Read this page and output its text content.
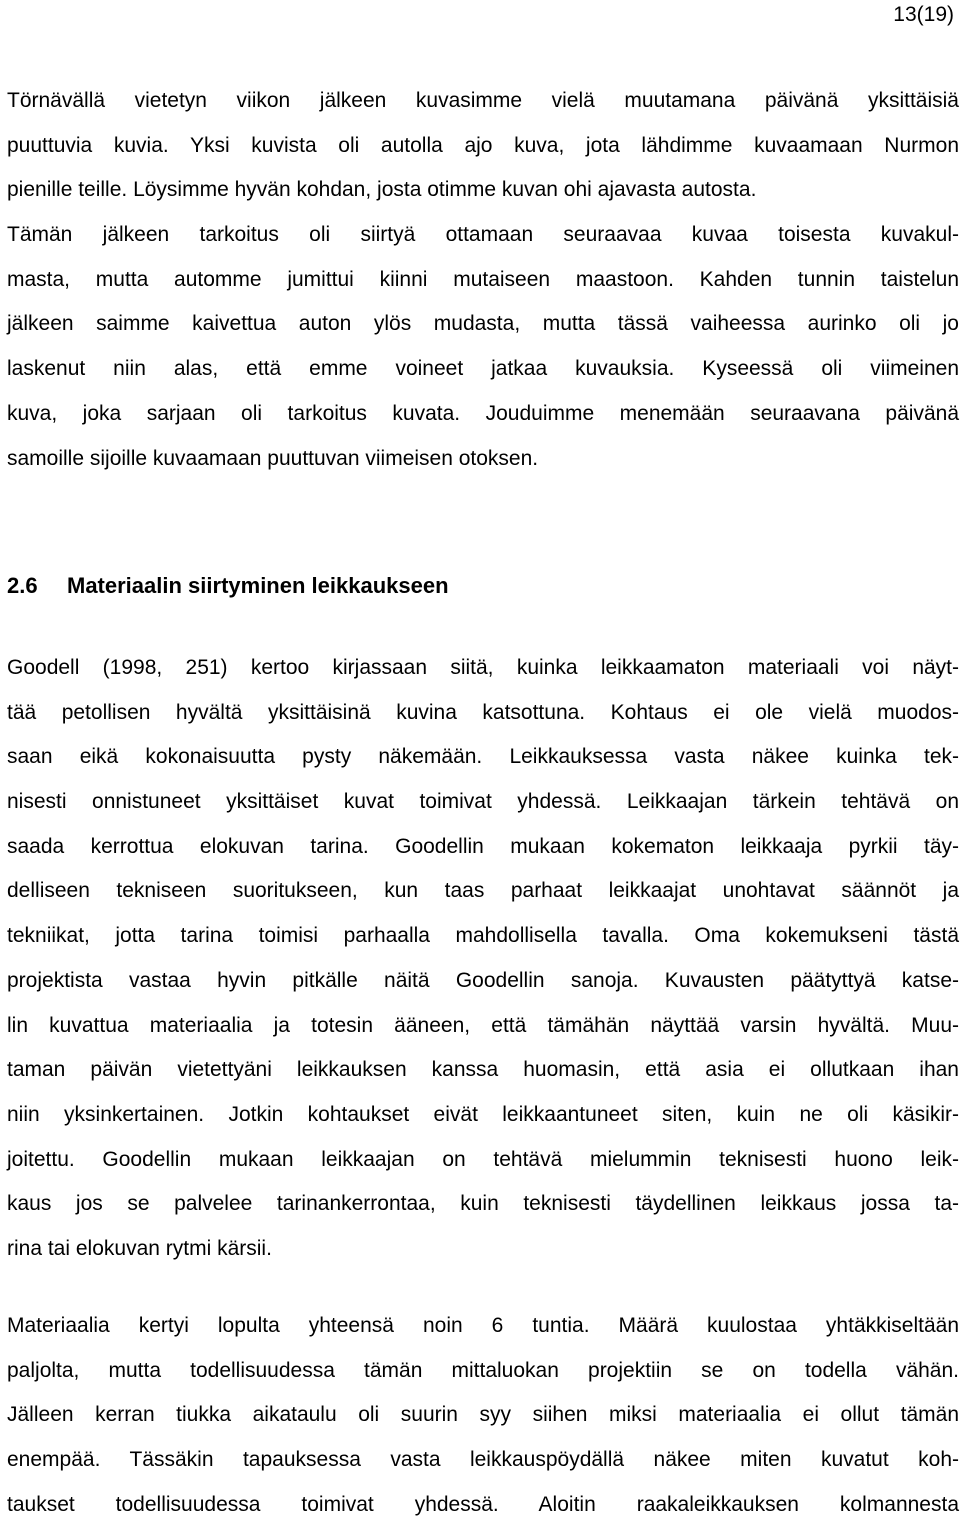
13(19)
Törnävällä vietetyn viikon jälkeen kuvasimme vielä muutamana päivänä yksittäisiä
puuttuvia kuvia. Yksi kuvista oli autolla ajo kuva, jota lähdimme kuvaamaan Nurmon
pienille teille. Löysimme hyvän kohdan, josta otimme kuvan ohi ajavasta autosta.
Tämän jälkeen tarkoitus oli siirtyä ottamaan seuraavaa kuvaa toisesta kuvakul-
masta, mutta automme jumittui kiinni mutaiseen maastoon. Kahden tunnin taistelun
jälkeen saimme kaivettua auton ylös mudasta, mutta tässä vaiheessa aurinko oli jo
laskenut niin alas, että emme voineet jatkaa kuvauksia. Kyseessä oli viimeinen
kuva, joka sarjaan oli tarkoitus kuvata. Jouduimme menemään seuraavana päivänä
samoille sijoille kuvaamaan puuttuvan viimeisen otoksen.
2.6 Materiaalin siirtyminen leikkaukseen
Goodell (1998, 251) kertoo kirjassaan siitä, kuinka leikkaamaton materiaali voi näyt-
tää petollisen hyvältä yksittäisinä kuvina katsottuna. Kohtaus ei ole vielä muodos-
saan eikä kokonaisuutta pysty näkemään. Leikkauksessa vasta näkee kuinka tek-
nisesti onnistuneet yksittäiset kuvat toimivat yhdessä. Leikkaajan tärkein tehtävä on
saada kerrottua elokuvan tarina. Goodellin mukaan kokematon leikkaaja pyrkii täy-
delliseen tekniseen suoritukseen, kun taas parhaat leikkaajat unohtavat säännöt ja
tekniikat, jotta tarina toimisi parhaalla mahdollisella tavalla. Oma kokemukseni tästä
projektista vastaa hyvin pitkälle näitä Goodellin sanoja. Kuvausten päätyttyä katse-
lin kuvattua materiaalia ja totesin ääneen, että tämähän näyttää varsin hyvältä. Muu-
taman päivän vietettyäni leikkauksen kanssa huomasin, että asia ei ollutkaan ihan
niin yksinkertainen. Jotkin kohtaukset eivät leikkaantuneet siten, kuin ne oli käsikir-
joitettu. Goodellin mukaan leikkaajan on tehtävä mielummin teknisesti huono leik-
kaus jos se palvelee tarinankerrontaa, kuin teknisesti täydellinen leikkaus jossa ta-
rina tai elokuvan rytmi kärsii.
Materiaalia kertyi lopulta yhteensä noin 6 tuntia. Määrä kuulostaa yhtäkkiseltään
paljolta, mutta todellisuudessa tämän mittaluokan projektiin se on todella vähän.
Jälleen kerran tiukka aikataulu oli suurin syy siihen miksi materiaalia ei ollut tämän
enempää. Tässäkin tapauksessa vasta leikkauspöydällä näkee miten kuvatut koh-
taukset todellisuudessa toimivat yhdessä. Aloitin raakaleikkauksen kolmannesta
